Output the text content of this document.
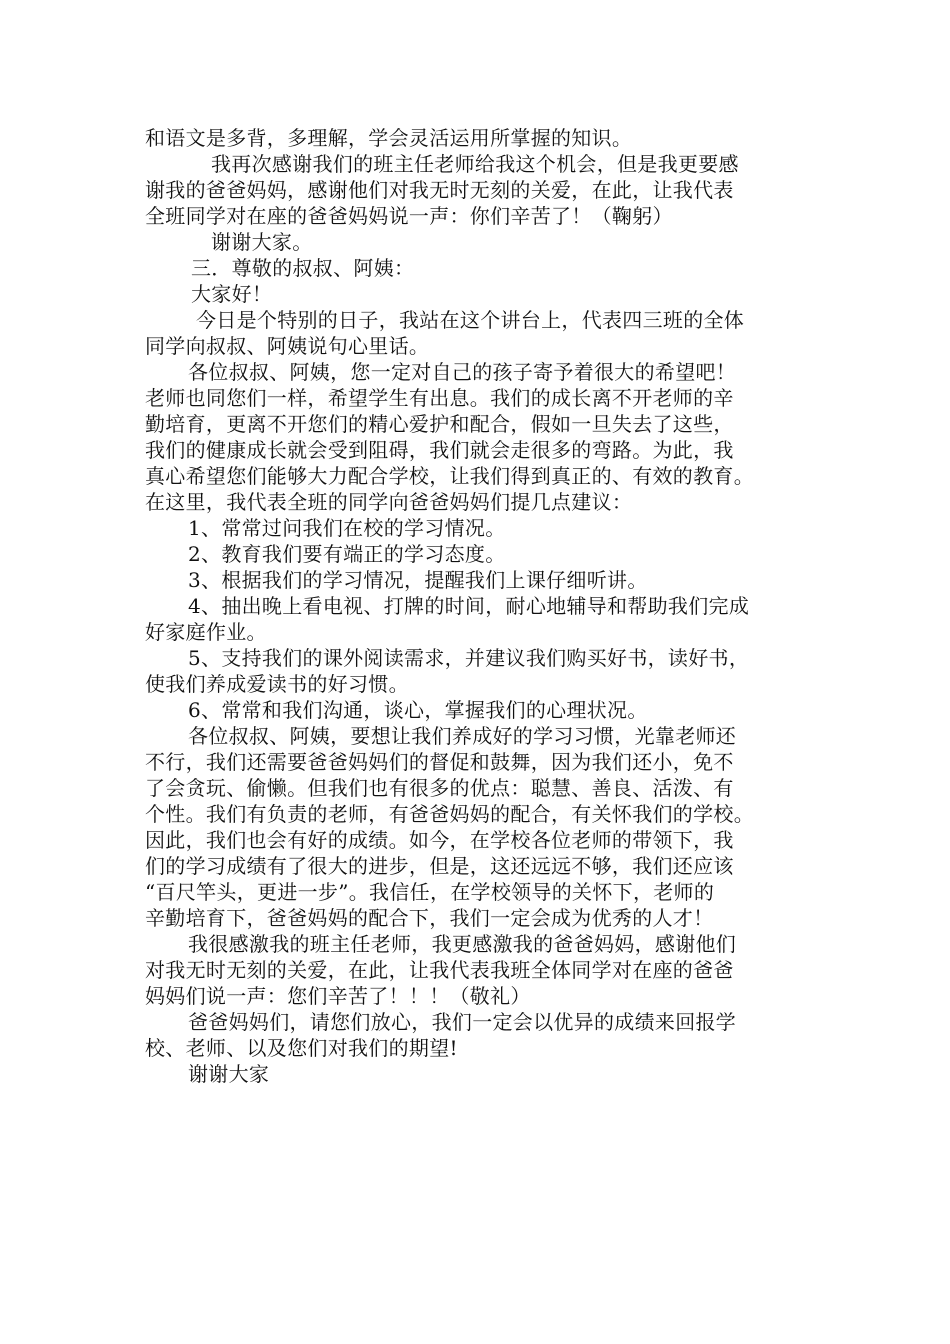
和语文是多背，多理解，学会灵活运用所掌握的知识。
我再次感谢我们的班主任老师给我这个机会，但是我更要感
谢我的爸爸妈妈，感谢他们对我无时无刻的关爱，在此，让我代表
全班同学对在座的爸爸妈妈说一声：你们辛苦了！（鞠躬）
谢谢大家。
三．尊敬的叔叔、阿姨：
大家好！
今日是个特别的日子，我站在这个讲台上，代表四三班的全体
同学向叔叔、阿姨说句心里话。
各位叔叔、阿姨，您一定对自己的孩子寄予着很大的希望吧！
老师也同您们一样，希望学生有出息。我们的成长离不开老师的辛
勤培育，更离不开您们的精心爱护和配合，假如一旦失去了这些，
我们的健康成长就会受到阻碍，我们就会走很多的弯路。为此，我
真心希望您们能够大力配合学校，让我们得到真正的、有效的教育。
在这里，我代表全班的同学向爸爸妈妈们提几点建议：
1、常常过问我们在校的学习情况。
2、教育我们要有端正的学习态度。
3、根据我们的学习情况，提醒我们上课仔细听讲。
4、抽出晚上看电视、打牌的时间，耐心地辅导和帮助我们完成
好家庭作业。
5、支持我们的课外阅读需求，并建议我们购买好书，读好书，
使我们养成爱读书的好习惯。
6、常常和我们沟通，谈心，掌握我们的心理状况。
各位叔叔、阿姨，要想让我们养成好的学习习惯，光靠老师还
不行，我们还需要爸爸妈妈们的督促和鼓舞，因为我们还小，免不
了会贪玩、偷懒。但我们也有很多的优点：聪慧、善良、活泼、有
个性。我们有负责的老师，有爸爸妈妈的配合，有关怀我们的学校。
因此，我们也会有好的成绩。如今，在学校各位老师的带领下，我
们的学习成绩有了很大的进步，但是，这还远远不够，我们还应该
“百尺竿头，更进一步”。我信任，在学校领导的关怀下，老师的
辛勤培育下，爸爸妈妈的配合下，我们一定会成为优秀的人才！
我很感激我的班主任老师，我更感激我的爸爸妈妈，感谢他们
对我无时无刻的关爱，在此，让我代表我班全体同学对在座的爸爸
妈妈们说一声：您们辛苦了！！！（敬礼）
爸爸妈妈们，请您们放心，我们一定会以优异的成绩来回报学
校、老师、以及您们对我们的期望!
谢谢大家
